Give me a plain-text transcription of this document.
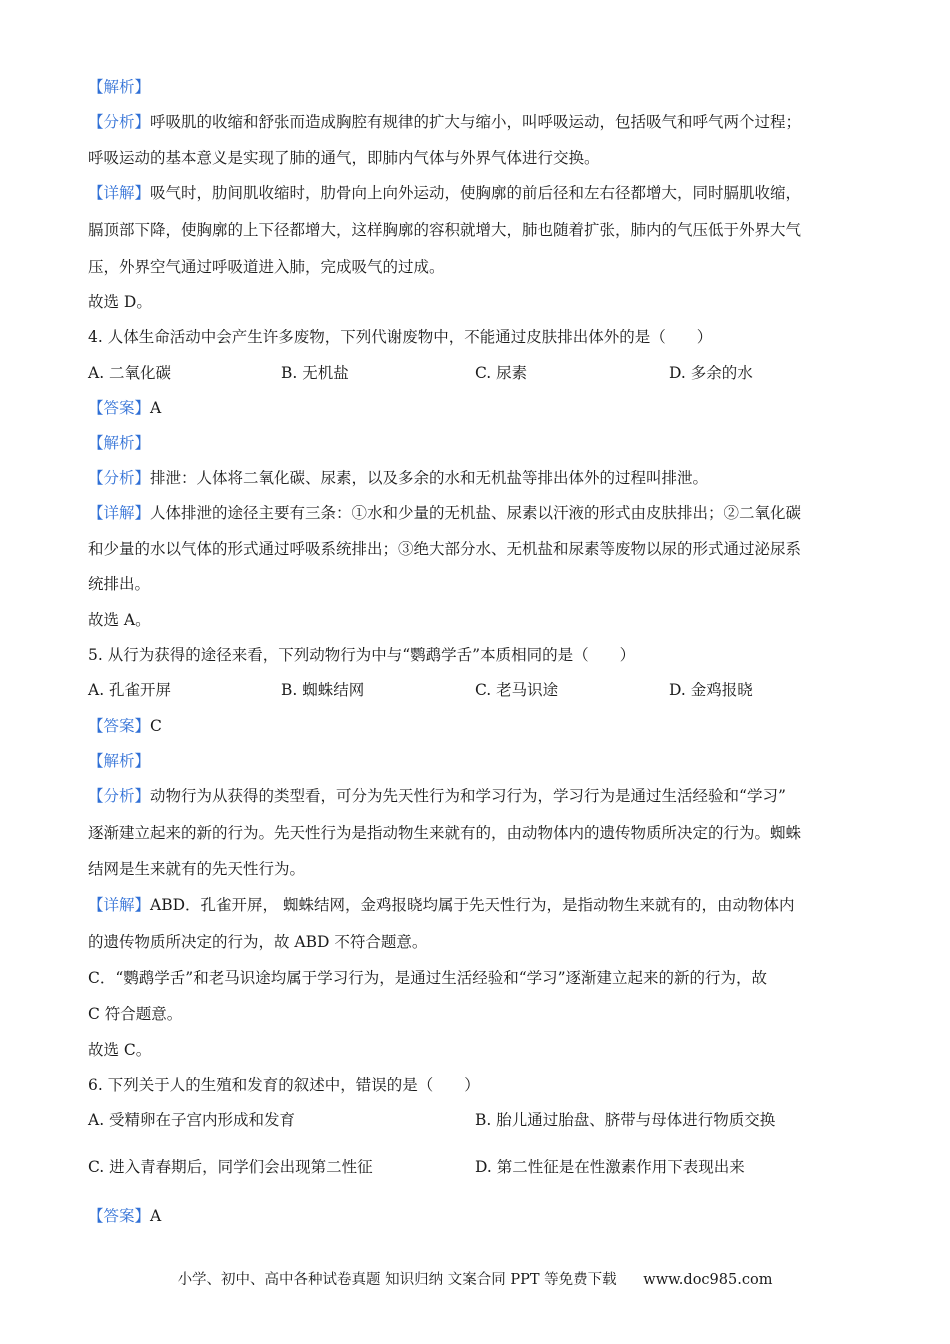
【解析】
【分析】呼吸肌的收缩和舒张而造成胸腔有规律的扩大与缩小，叫呼吸运动，包括吸气和呼气两个过程；
呼吸运动的基本意义是实现了肺的通气，即肺内气体与外界气体进行交换。
【详解】吸气时，肋间肌收缩时，肋骨向上向外运动，使胸廓的前后径和左右径都增大，同时膈肌收缩，
膈顶部下降，使胸廓的上下径都增大，这样胸廓的容积就增大，肺也随着扩张，肺内的气压低于外界大气
压，外界空气通过呼吸道进入肺，完成吸气的过成。
故选 D。
4. 人体生命活动中会产生许多废物，下列代谢废物中，不能通过皮肤排出体外的是（　　）
A. 二氧化碳	B. 无机盐	C. 尿素	D. 多余的水
【答案】A
【解析】
【分析】排泄：人体将二氧化碳、尿素，以及多余的水和无机盐等排出体外的过程叫排泄。
【详解】人体排泄的途径主要有三条：①水和少量的无机盐、尿素以汗液的形式由皮肤排出；②二氧化碳
和少量的水以气体的形式通过呼吸系统排出；③绝大部分水、无机盐和尿素等废物以尿的形式通过泌尿系
统排出。
故选 A。
5. 从行为获得的途径来看，下列动物行为中与“鹦鹉学舌”本质相同的是（　　）
A. 孔雀开屏	B. 蜘蛛结网	C. 老马识途	D. 金鸡报晓
【答案】C
【解析】
【分析】动物行为从获得的类型看，可分为先天性行为和学习行为，学习行为是通过生活经验和“学习”
逐渐建立起来的新的行为。先天性行为是指动物生来就有的，由动物体内的遗传物质所决定的行为。蜘蛛
结网是生来就有的先天性行为。
【详解】ABD．孔雀开屏， 蜘蛛结网，金鸡报晓均属于先天性行为，是指动物生来就有的，由动物体内
的遗传物质所决定的行为，故 ABD 不符合题意。
C．“鹦鹉学舌”和老马识途均属于学习行为，是通过生活经验和“学习”逐渐建立起来的新的行为，故
C 符合题意。
故选 C。
6. 下列关于人的生殖和发育的叙述中，错误的是（　　）
A. 受精卵在子宫内形成和发育	B. 胎儿通过胎盘、脐带与母体进行物质交换
C. 进入青春期后，同学们会出现第二性征	D. 第二性征是在性激素作用下表现出来
【答案】A
小学、初中、高中各种试卷真题 知识归纳 文案合同 PPT 等免费下载 www.doc985.com
